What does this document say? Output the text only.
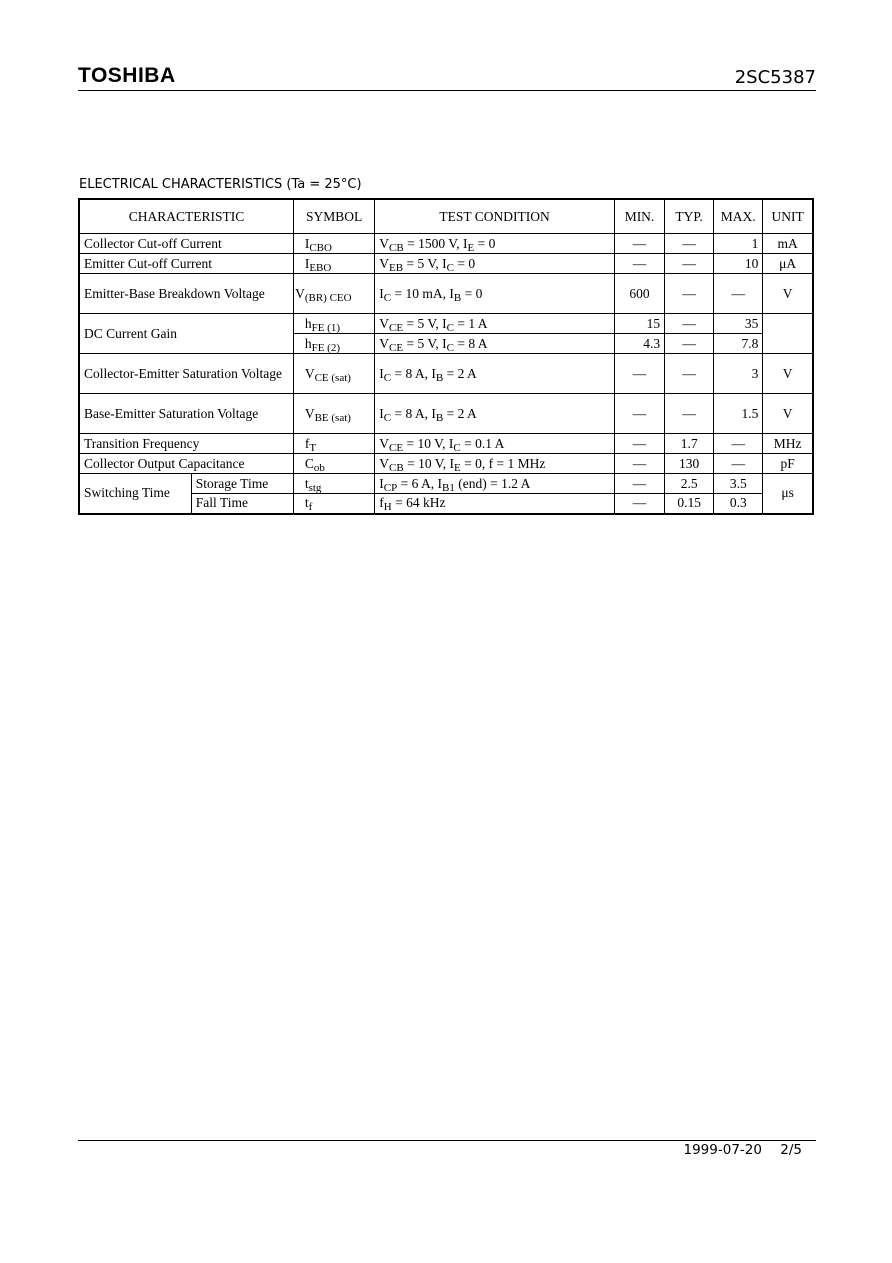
TOSHIBA	2SC5387
ELECTRICAL CHARACTERISTICS (Ta = 25°C)
CHARACTERISTIC		SYMBOL	TEST CONDITION	MIN.	TYP.	MAX.	UNIT
Collector Cut-off Current		$I_{CBO}$	$V_{CB} = 1500$ V, $I_E = 0$	—	—	1	mA
Emitter Cut-off Current		$I_{EBO}$	$V_{EB} = 5$ V, $I_C = 0$	—	—	10	μA
Emitter-Base Breakdown Voltage		$V_{(BR) CEO}$	$I_C = 10$ mA, $I_B = 0$	600	—	—	V
DC Current Gain		$h_{FE (1)}$	$V_{CE} = 5$ V, $I_C = 1$ A	15	—	35	
		$h_{FE (2)}$	$V_{CE} = 5$ V, $I_C = 8$ A	4.3	—	7.8	
Collector-Emitter Saturation Voltage		$V_{CE (sat)}$	$I_C = 8$ A, $I_B = 2$ A	—	—	3	V
Base-Emitter Saturation Voltage		$V_{BE (sat)}$	$I_C = 8$ A, $I_B = 2$ A	—	—	1.5	V
Transition Frequency		$f_T$	$V_{CE} = 10$ V, $I_C = 0.1$ A	—	1.7	—	MHz
Collector Output Capacitance		$C_{ob}$	$V_{CB} = 10$ V, $I_E = 0$, f = 1 MHz	—	130	—	pF
Switching Time	Storage Time	$t_{stg}$	$I_{CP} = 6$ A, $I_{B1}$ (end) = 1.2 A	—	2.5	3.5	μs
	Fall Time	$t_f$	$f_H = 64$ kHz	—	0.15	0.3	
1999-07-20 2/5
